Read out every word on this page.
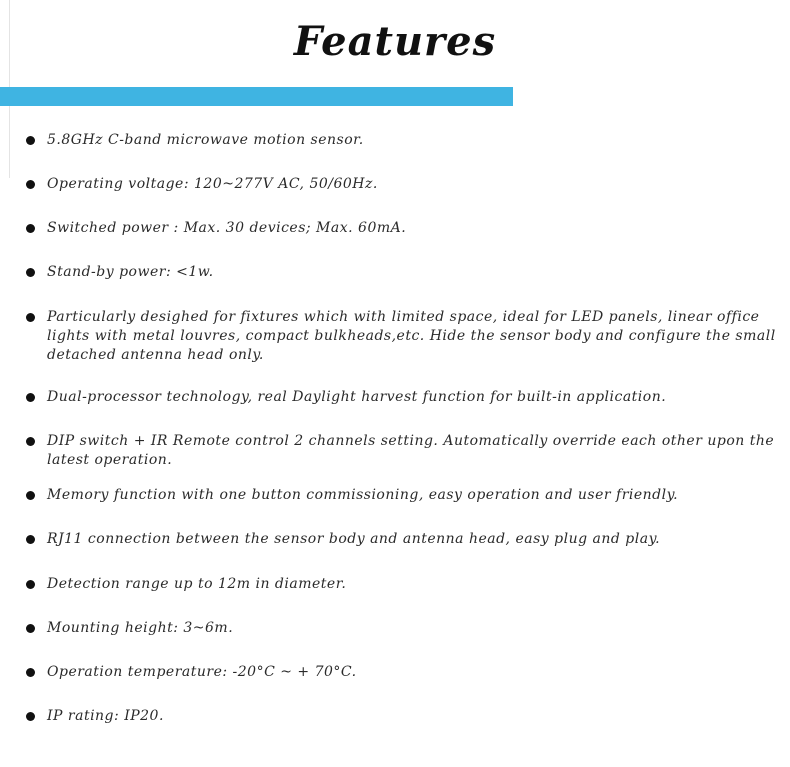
Features
5.8GHz C-band microwave motion sensor.
Operating voltage: 120~277V AC, 50/60Hz.
Switched power : Max. 30 devices; Max. 60mA.
Stand-by power: <1w.
Particularly desighed for fixtures which with limited space, ideal for LED panels, linear office lights with metal louvres, compact bulkheads,etc. Hide the sensor body and configure the small detached antenna head only.
Dual-processor technology, real Daylight harvest function for built-in application.
DIP switch + IR Remote control 2 channels setting. Automatically override each other upon the latest operation.
Memory function with one button commissioning, easy operation and user friendly.
RJ11 connection between the sensor body and antenna head, easy plug and play.
Detection range up to 12m in diameter.
Mounting height: 3~6m.
Operation temperature: -20°C ~ + 70°C.
IP rating: IP20.
